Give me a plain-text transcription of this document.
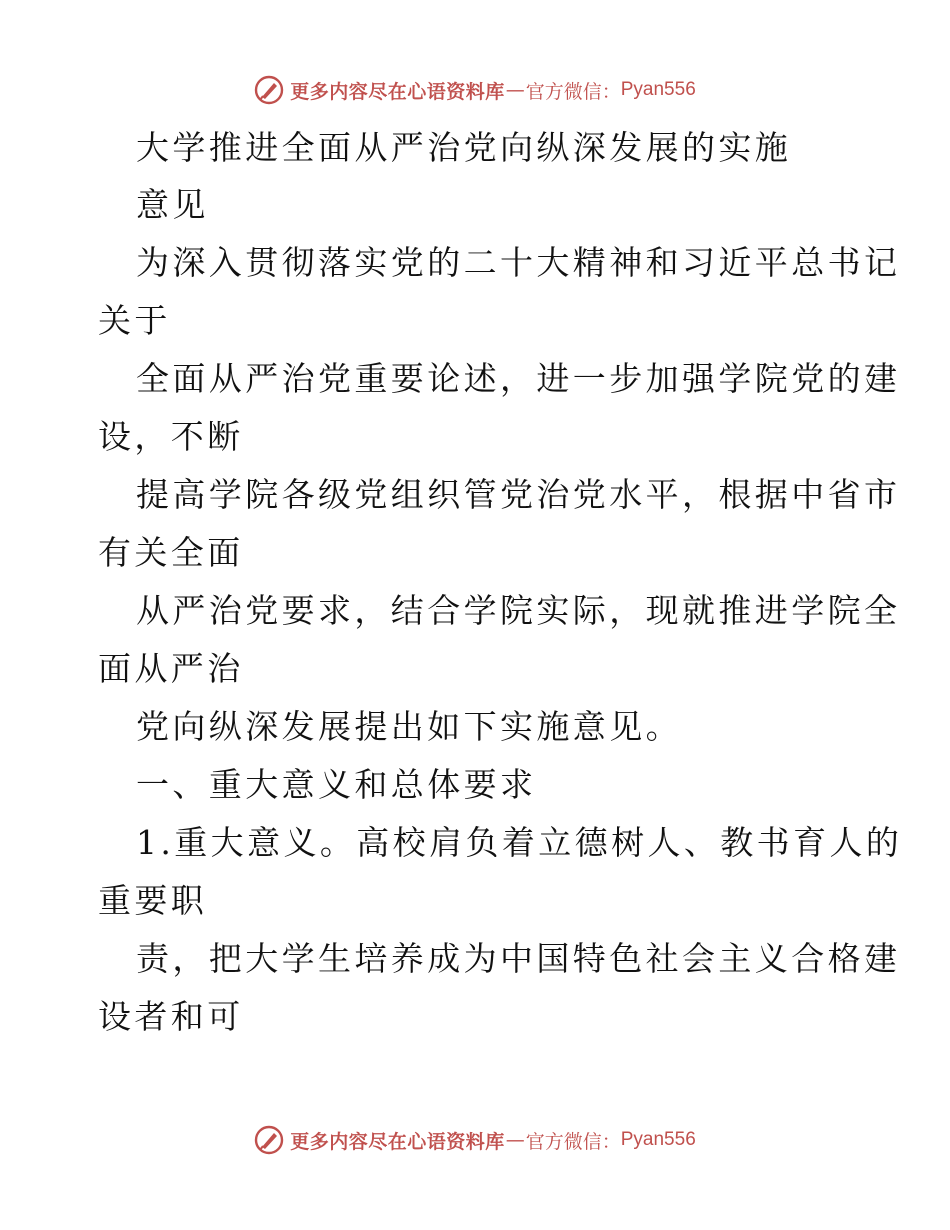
更多内容尽在心语资料库 — 官方微信： Pyan556
大学推进全面从严治党向纵深发展的实施
意见
为深入贯彻落实党的二十大精神和习近平总书记
关于
全面从严治党重要论述，进一步加强学院党的建
设，不断
提高学院各级党组织管党治党水平，根据中省市
有关全面
从严治党要求，结合学院实际，现就推进学院全
面从严治
党向纵深发展提出如下实施意见。
一、重大意义和总体要求
1.重大意义。高校肩负着立德树人、教书育人的
重要职
责，把大学生培养成为中国特色社会主义合格建
设者和可
更多内容尽在心语资料库 — 官方微信： Pyan556
